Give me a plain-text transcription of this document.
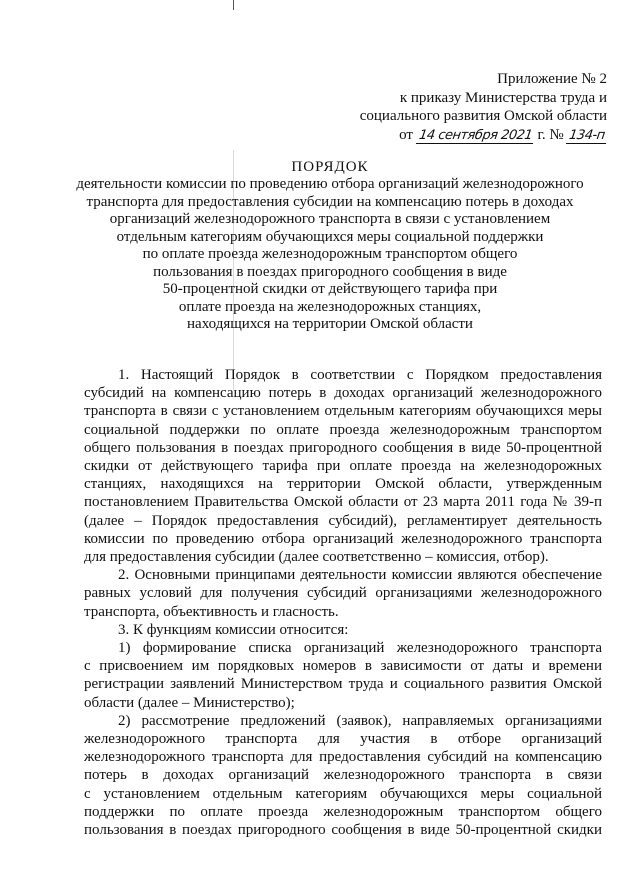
Приложение № 2
к приказу Министерства труда и
социального развития Омской области
от 14 сентября 2021 г. № 134-п

ПОРЯДОК

деятельности комиссии по проведению отбора организаций железнодорожного
транспорта для предоставления субсидии на компенсацию потерь в доходах
организаций железнодорожного транспорта в связи с установлением
отдельным категориям обучающихся меры социальной поддержки
по оплате проезда железнодорожным транспортом общего
пользования в поездах пригородного сообщения в виде
50-процентной скидки от действующего тарифа при
оплате проезда на железнодорожных станциях,
находящихся на территории Омской области
1. Настоящий Порядок в соответствии с Порядком предоставления
субсидий на компенсацию потерь в доходах организаций железнодорожного
транспорта в связи с установлением отдельным категориям обучающихся меры
социальной поддержки по оплате проезда железнодорожным транспортом
общего пользования в поездах пригородного сообщения в виде 50-процентной
скидки от действующего тарифа при оплате проезда на железнодорожных
станциях, находящихся на территории Омской области, утвержденным
постановлением Правительства Омской области от 23 марта 2011 года № 39-п
(далее – Порядок предоставления субсидий), регламентирует деятельность
комиссии по проведению отбора организаций железнодорожного транспорта
для предоставления субсидии (далее соответственно – комиссия, отбор).
2. Основными принципами деятельности комиссии являются обеспечение
равных условий для получения субсидий организациями железнодорожного
транспорта, объективность и гласность.
3. К функциям комиссии относится:
1) формирование списка организаций железнодорожного транспорта
с присвоением им порядковых номеров в зависимости от даты и времени
регистрации заявлений Министерством труда и социального развития Омской
области (далее – Министерство);
2) рассмотрение предложений (заявок), направляемых организациями
железнодорожного транспорта для участия в отборе организаций
железнодорожного транспорта для предоставления субсидий на компенсацию
потерь в доходах организаций железнодорожного транспорта в связи
с установлением отдельным категориям обучающихся меры социальной
поддержки по оплате проезда железнодорожным транспортом общего
пользования в поездах пригородного сообщения в виде 50-процентной скидки
